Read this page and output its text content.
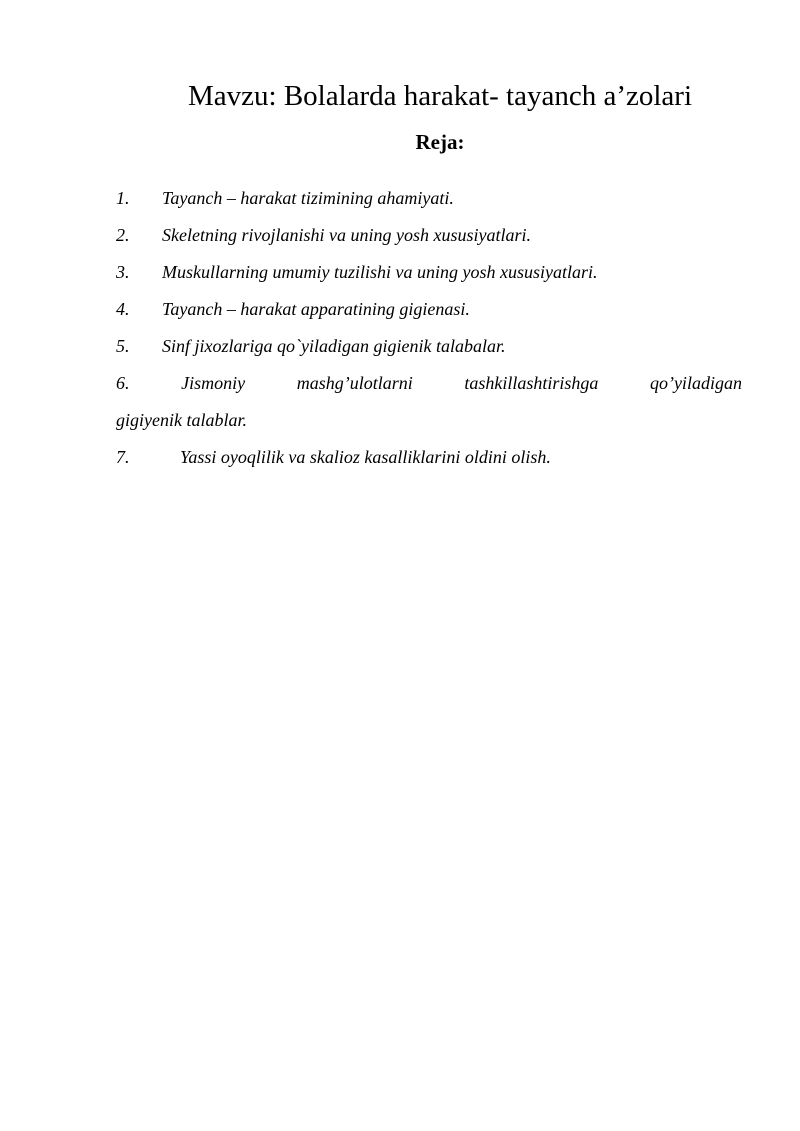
Mavzu: Bolalarda harakat- tayanch a’zolari
Reja:
1.	Tayanch – harakat tizimining ahamiyati.
2.	Skeletning rivojlanishi va uning yosh xususiyatlari.
3.	Muskullarning umumiy tuzilishi va uning yosh xususiyatlari.
4.	Tayanch – harakat apparatining gigienasi.
5.	Sinf jixozlariga qo`yiladigan gigienik talabalar.
6.	Jismoniy	mashg’ulotlarni	tashkillashtirishga	qo’yiladigan
gigiyenik talablar.
7.	Yassi oyoqlilik va skalioz kasalliklarini oldini olish.
